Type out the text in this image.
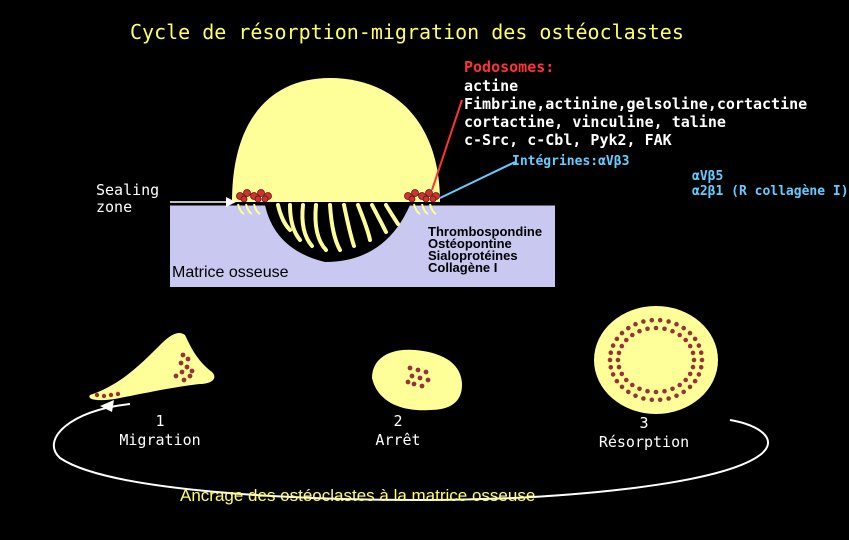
Cycle de résorption-migration des ostéoclastes
Podosomes:
actine
Fimbrine,actinine,gelsoline,cortactine
cortactine, vinculine, taline
c-Src, c-Cbl, Pyk2, FAK
Intégrines:αVβ3
αVβ5
α2β1 (R collagène I)
Sealing
zone
Matrice osseuse
Thrombospondine
Ostéopontine
Sialoprotéines
Collagène I
1
Migration
2
Arrêt
3
Résorption
Ancrage des ostéoclastes à la matrice osseuse
